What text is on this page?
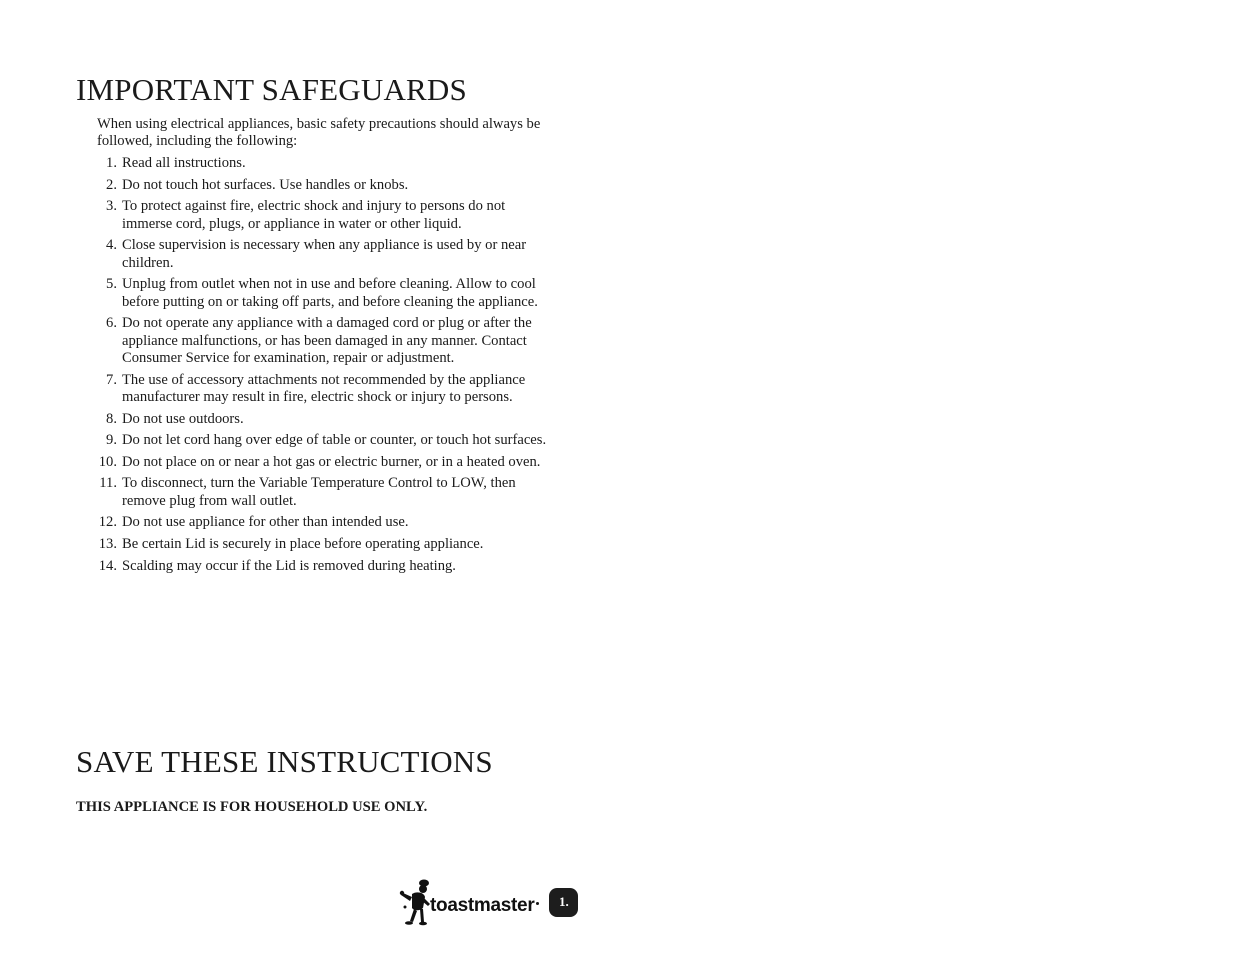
IMPORTANT SAFEGUARDS

When using electrical appliances, basic safety precautions should always be followed, including the following:

1. Read all instructions.
2. Do not touch hot surfaces. Use handles or knobs.
3. To protect against fire, electric shock and injury to persons do not immerse cord, plugs, or appliance in water or other liquid.
4. Close supervision is necessary when any appliance is used by or near children.
5. Unplug from outlet when not in use and before cleaning. Allow to cool before putting on or taking off parts, and before cleaning the appliance.
6. Do not operate any appliance with a damaged cord or plug or after the appliance malfunctions, or has been damaged in any manner. Contact Consumer Service for examination, repair or adjustment.
7. The use of accessory attachments not recommended by the appliance manufacturer may result in fire, electric shock or injury to persons.
8. Do not use outdoors.
9. Do not let cord hang over edge of table or counter, or touch hot surfaces.
10. Do not place on or near a hot gas or electric burner, or in a heated oven.
11. To disconnect, turn the Variable Temperature Control to LOW, then remove plug from wall outlet.
12. Do not use appliance for other than intended use.
13. Be certain Lid is securely in place before operating appliance.
14. Scalding may occur if the Lid is removed during heating.
SAVE THESE INSTRUCTIONS

THIS APPLIANCE IS FOR HOUSEHOLD USE ONLY.

toastmaster	1.
